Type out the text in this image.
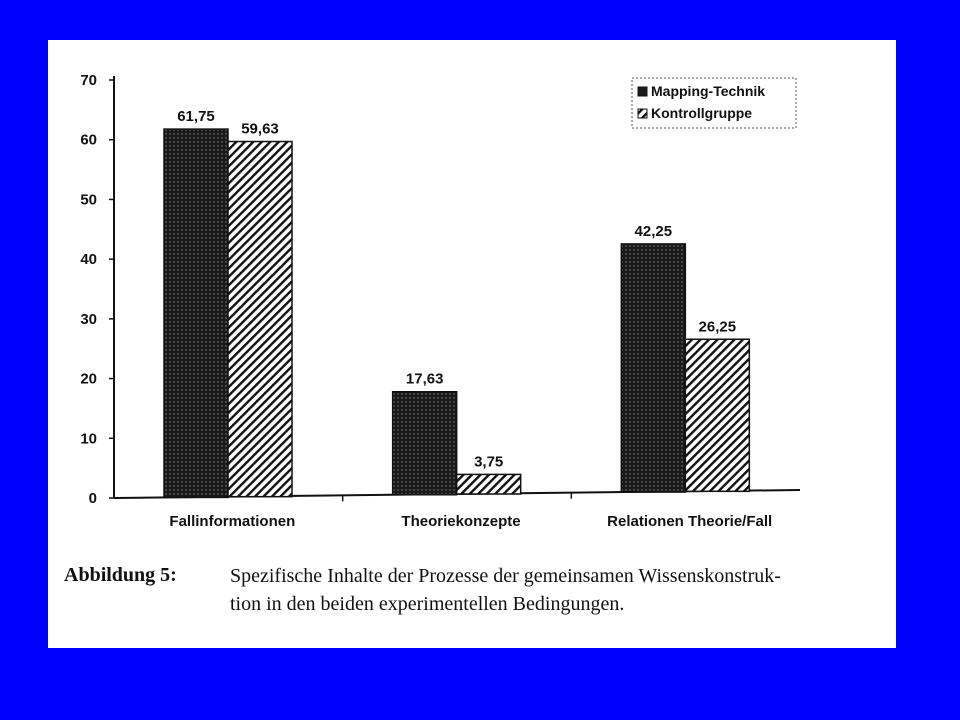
0
10
20
30
40
50
60
70
61,75
59,63
Fallinformationen
17,63
3,75
Theoriekonzepte
42,25
26,25
Relationen Theorie/Fall
Mapping-Technik
Kontrollgruppe
Abbildung 5:	Spezifische Inhalte der Prozesse der gemeinsamen Wissenskonstruk-
tion in den beiden experimentellen Bedingungen.
